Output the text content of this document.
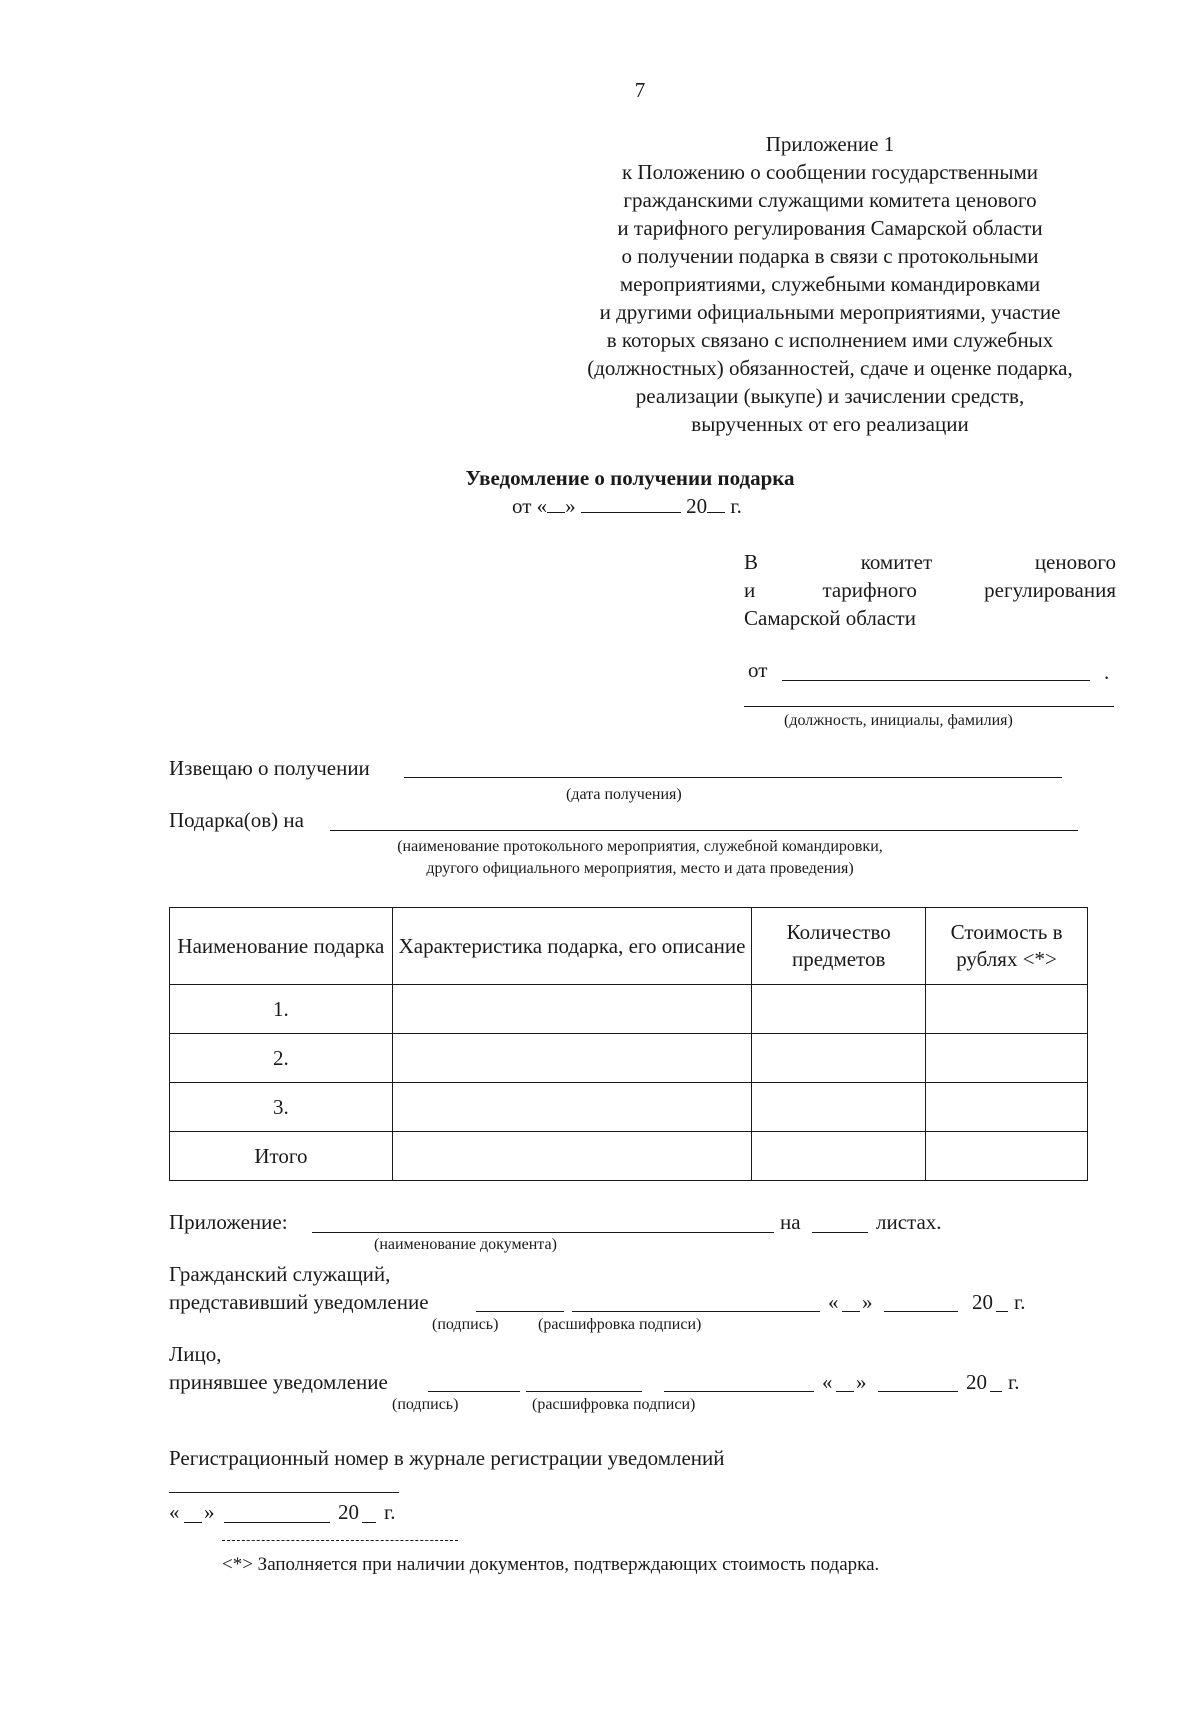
7
Приложение 1
к Положению о сообщении государственными
гражданскими служащими комитета ценового
и тарифного регулирования Самарской области
о получении подарка в связи с протокольными
мероприятиями, служебными командировками
и другими официальными мероприятиями, участие
в которых связано с исполнением ими служебных
(должностных) обязанностей, сдаче и оценке подарка,
реализации (выкупе) и зачислении средств,
вырученных от его реализации
Уведомление о получении подарка
от « »	20 г.
В	комитет	ценового
и	тарифного	регулирования
Самарской области
от	.
(должность, инициалы, фамилия)
Извещаю о получении
(дата получения)
Подарка(ов) на
(наименование протокольного мероприятия, служебной командировки,
другого официального мероприятия, место и дата проведения)
Наименование подарка	Характеристика подарка, его описание	Количество предметов	Стоимость в рублях <*>
1.			
2.			
3.			
Итого			
Приложение:	на	листах.
(наименование документа)
Гражданский служащий,
представивший уведомление	« »	20 г.
(подпись) (расшифровка подписи)
Лицо,
принявшее уведомление	« »	20 г.
(подпись)	(расшифровка подписи)
Регистрационный номер в журнале регистрации уведомлений
« »	20 г.
<*> Заполняется при наличии документов, подтверждающих стоимость подарка.
